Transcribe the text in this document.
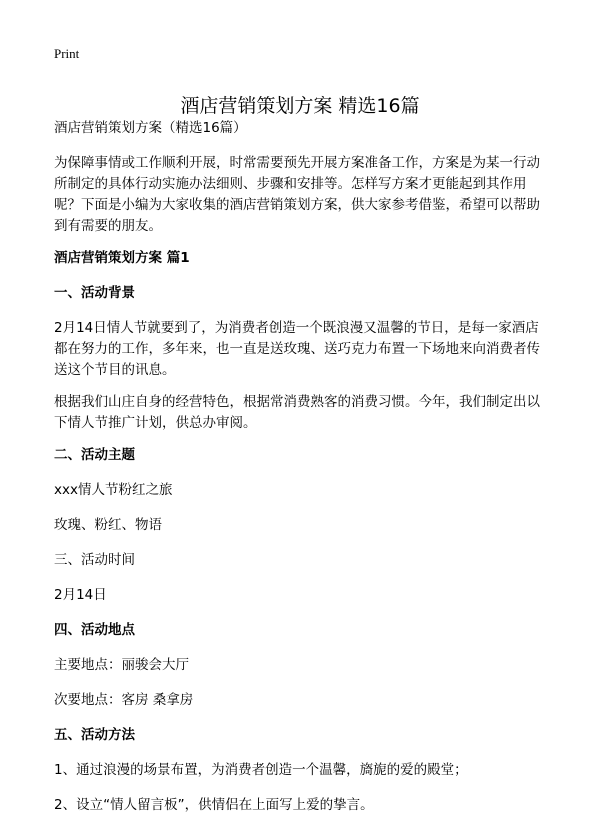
Print
酒店营销策划方案 精选16篇

酒店营销策划方案（精选16篇）

为保障事情或工作顺利开展，时常需要预先开展方案准备工作，方案是为某一行动所制定的具体行动实施办法细则、步骤和安排等。怎样写方案才更能起到其作用呢？下面是小编为大家收集的酒店营销策划方案，供大家参考借鉴，希望可以帮助到有需要的朋友。

酒店营销策划方案 篇1

一、活动背景

2月14日情人节就要到了，为消费者创造一个既浪漫又温馨的节日，是每一家酒店都在努力的工作，多年来，也一直是送玫瑰、送巧克力布置一下场地来向消费者传送这个节目的讯息。

根据我们山庄自身的经营特色，根据常消费熟客的消费习惯。今年，我们制定出以下情人节推广计划，供总办审阅。

二、活动主题

xxx情人节粉红之旅

玫瑰、粉红、物语

三、活动时间

2月14日

四、活动地点

主要地点：丽骏会大厅

次要地点：客房 桑拿房

五、活动方法

1、通过浪漫的场景布置，为消费者创造一个温馨，旖旎的爱的殿堂；

2、设立“情人留言板”，供情侣在上面写上爱的挚言。
